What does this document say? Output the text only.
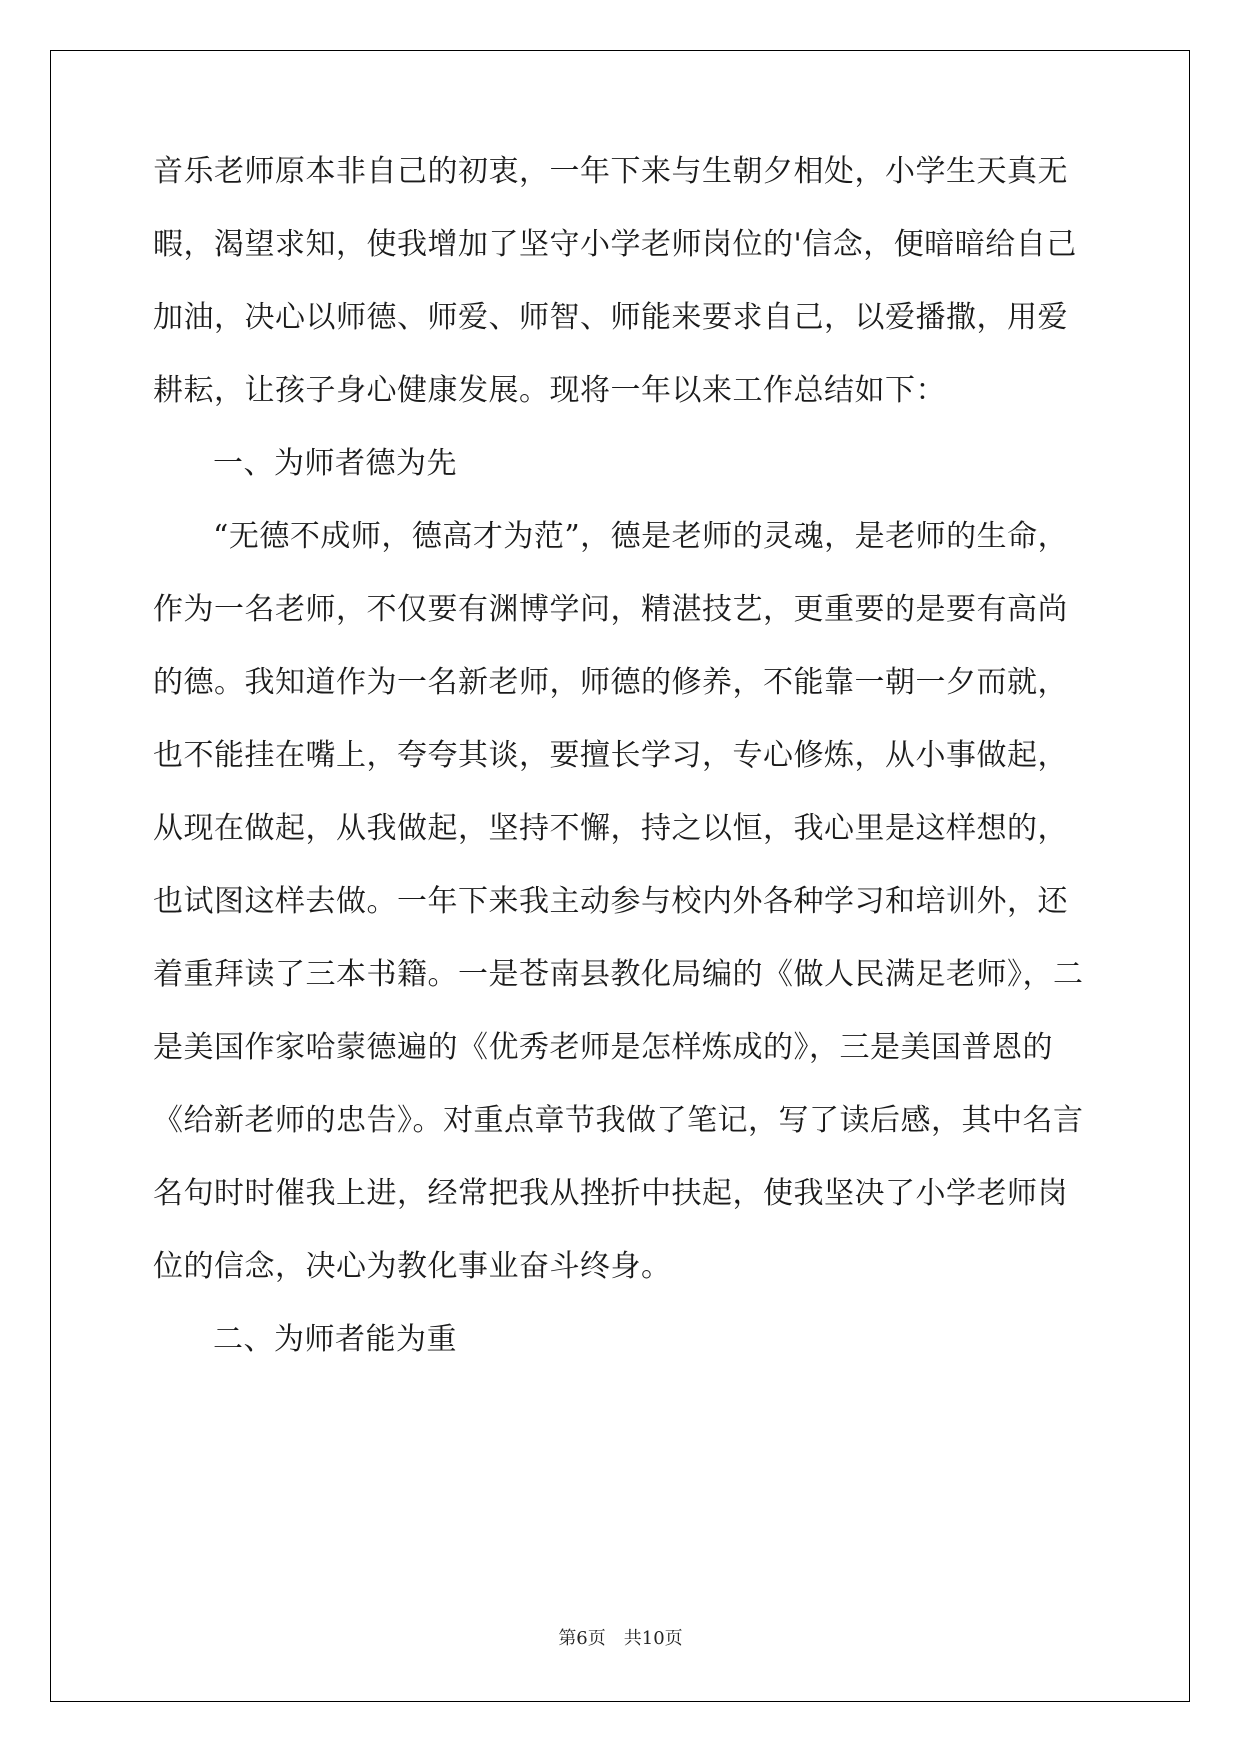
音乐老师原本非自己的初衷，一年下来与生朝夕相处，小学生天真无
暇，渴望求知，使我增加了坚守小学老师岗位的'信念，便暗暗给自己
加油，决心以师德、师爱、师智、师能来要求自己，以爱播撒，用爱
耕耘，让孩子身心健康发展。现将一年以来工作总结如下：
一、为师者德为先
“无德不成师，德高才为范”，德是老师的灵魂，是老师的生命，
作为一名老师，不仅要有渊博学问，精湛技艺，更重要的是要有高尚
的德。我知道作为一名新老师，师德的修养，不能靠一朝一夕而就，
也不能挂在嘴上，夸夸其谈，要擅长学习，专心修炼，从小事做起，
从现在做起，从我做起，坚持不懈，持之以恒，我心里是这样想的，
也试图这样去做。一年下来我主动参与校内外各种学习和培训外，还
着重拜读了三本书籍。一是苍南县教化局编的《做人民满足老师》，二
是美国作家哈蒙德遍的《优秀老师是怎样炼成的》，三是美国普恩的
《给新老师的忠告》。对重点章节我做了笔记，写了读后感，其中名言
名句时时催我上进，经常把我从挫折中扶起，使我坚决了小学老师岗
位的信念，决心为教化事业奋斗终身。
二、为师者能为重
第6页 共10页
